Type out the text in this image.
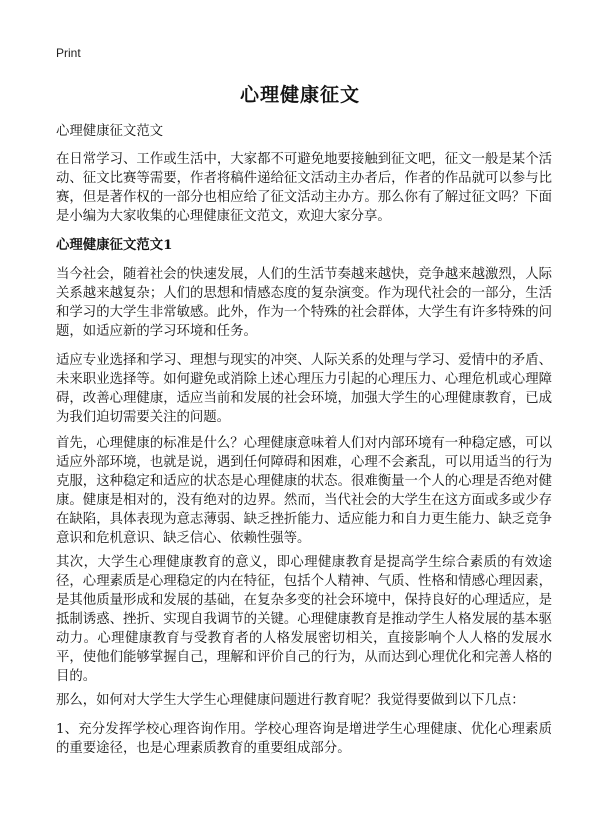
Print
心理健康征文

心理健康征文范文

在日常学习、工作或生活中，大家都不可避免地要接触到征文吧，征文一般是某个活动、征文比赛等需要，作者将稿件递给征文活动主办者后，作者的作品就可以参与比赛，但是著作权的一部分也相应给了征文活动主办方。那么你有了解过征文吗？下面是小编为大家收集的心理健康征文范文，欢迎大家分享。

心理健康征文范文1

当今社会，随着社会的快速发展，人们的生活节奏越来越快，竞争越来越激烈，人际关系越来越复杂；人们的思想和情感态度的复杂演变。作为现代社会的一部分，生活和学习的大学生非常敏感。此外，作为一个特殊的社会群体，大学生有许多特殊的问题，如适应新的学习环境和任务。

适应专业选择和学习、理想与现实的冲突、人际关系的处理与学习、爱情中的矛盾、未来职业选择等。如何避免或消除上述心理压力引起的心理压力、心理危机或心理障碍，改善心理健康，适应当前和发展的社会环境，加强大学生的心理健康教育，已成为我们迫切需要关注的问题。

首先，心理健康的标准是什么？心理健康意味着人们对内部环境有一种稳定感，可以适应外部环境，也就是说，遇到任何障碍和困难，心理不会紊乱，可以用适当的行为克服，这种稳定和适应的状态是心理健康的状态。很难衡量一个人的心理是否绝对健康。健康是相对的，没有绝对的边界。然而，当代社会的大学生在这方面或多或少存在缺陷，具体表现为意志薄弱、缺乏挫折能力、适应能力和自力更生能力、缺乏竞争意识和危机意识、缺乏信心、依赖性强等。

其次，大学生心理健康教育的意义，即心理健康教育是提高学生综合素质的有效途径，心理素质是心理稳定的内在特征，包括个人精神、气质、性格和情感心理因素，是其他质量形成和发展的基础，在复杂多变的社会环境中，保持良好的心理适应，是抵制诱惑、挫折、实现自我调节的关键。心理健康教育是推动学生人格发展的基本驱动力。心理健康教育与受教育者的人格发展密切相关，直接影响个人人格的发展水平，使他们能够掌握自己，理解和评价自己的行为，从而达到心理优化和完善人格的目的。

那么，如何对大学生大学生心理健康问题进行教育呢？我觉得要做到以下几点：

1、充分发挥学校心理咨询作用。学校心理咨询是增进学生心理健康、优化心理素质的重要途径，也是心理素质教育的重要组成部分。
